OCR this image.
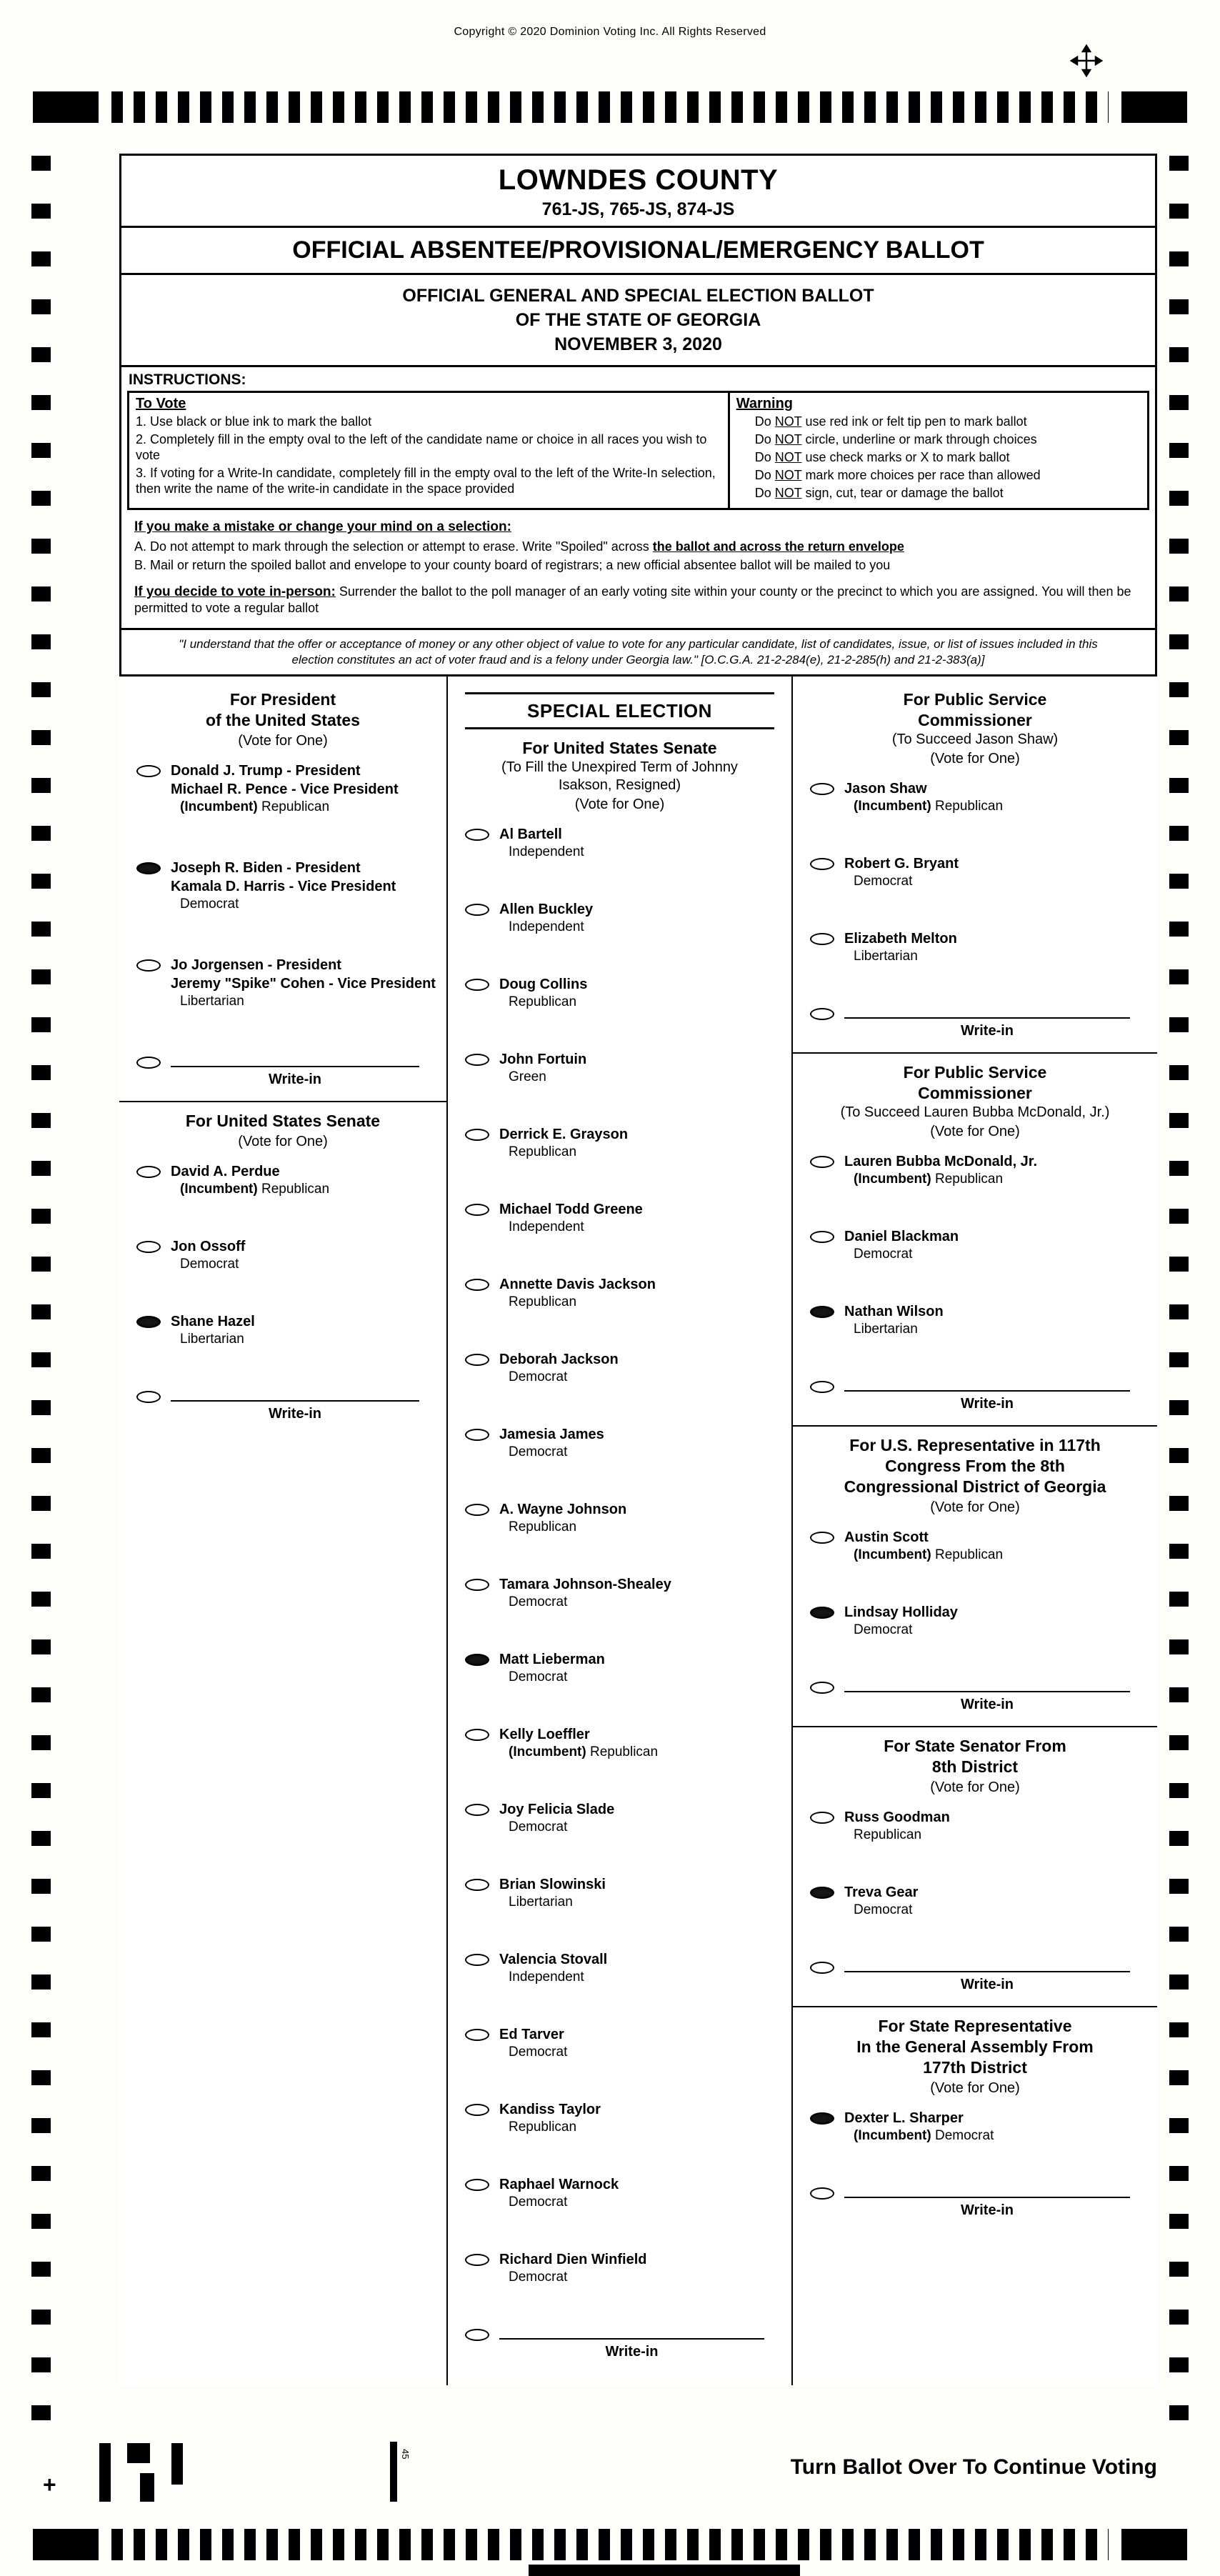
Copyright © 2020 Dominion Voting Inc. All Rights Reserved
LOWNDES COUNTY
761-JS, 765-JS, 874-JS
OFFICIAL ABSENTEE/PROVISIONAL/EMERGENCY BALLOT
OFFICIAL GENERAL AND SPECIAL ELECTION BALLOT
OF THE STATE OF GEORGIA
NOVEMBER 3, 2020
INSTRUCTIONS:
To Vote
1. Use black or blue ink to mark the ballot
2. Completely fill in the empty oval to the left of the candidate name or choice in all races you wish to vote
3. If voting for a Write-In candidate, completely fill in the empty oval to the left of the Write-In selection, then write the name of the write-in candidate in the space provided
Warning
Do NOT use red ink or felt tip pen to mark ballot
Do NOT circle, underline or mark through choices
Do NOT use check marks or X to mark ballot
Do NOT mark more choices per race than allowed
Do NOT sign, cut, tear or damage the ballot
If you make a mistake or change your mind on a selection:
A. Do not attempt to mark through the selection or attempt to erase. Write "Spoiled" across the ballot and across the return envelope
B. Mail or return the spoiled ballot and envelope to your county board of registrars; a new official absentee ballot will be mailed to you
If you decide to vote in-person: Surrender the ballot to the poll manager of an early voting site within your county or the precinct to which you are assigned. You will then be permitted to vote a regular ballot
"I understand that the offer or acceptance of money or any other object of value to vote for any particular candidate, list of candidates, issue, or list of issues included in this election constitutes an act of voter fraud and is a felony under Georgia law." [O.C.G.A. 21-2-284(e), 21-2-285(h) and 21-2-383(a)]
For President
of the United States
(Vote for One)
Donald J. Trump - President
Michael R. Pence - Vice President
(Incumbent) Republican
Joseph R. Biden - President
Kamala D. Harris - Vice President
Democrat
Jo Jorgensen - President
Jeremy "Spike" Cohen - Vice President
Libertarian
Write-in
For United States Senate
(Vote for One)
David A. Perdue
(Incumbent) Republican
Jon Ossoff
Democrat
Shane Hazel
Libertarian
Write-in
SPECIAL ELECTION
For United States Senate
(To Fill the Unexpired Term of Johnny
Isakson, Resigned)
(Vote for One)
Al Bartell
Independent
Allen Buckley
Independent
Doug Collins
Republican
John Fortuin
Green
Derrick E. Grayson
Republican
Michael Todd Greene
Independent
Annette Davis Jackson
Republican
Deborah Jackson
Democrat
Jamesia James
Democrat
A. Wayne Johnson
Republican
Tamara Johnson-Shealey
Democrat
Matt Lieberman
Democrat
Kelly Loeffler
(Incumbent) Republican
Joy Felicia Slade
Democrat
Brian Slowinski
Libertarian
Valencia Stovall
Independent
Ed Tarver
Democrat
Kandiss Taylor
Republican
Raphael Warnock
Democrat
Richard Dien Winfield
Democrat
Write-in
For Public Service
Commissioner
(To Succeed Jason Shaw)
(Vote for One)
Jason Shaw
(Incumbent) Republican
Robert G. Bryant
Democrat
Elizabeth Melton
Libertarian
Write-in
For Public Service
Commissioner
(To Succeed Lauren Bubba McDonald, Jr.)
(Vote for One)
Lauren Bubba McDonald, Jr.
(Incumbent) Republican
Daniel Blackman
Democrat
Nathan Wilson
Libertarian
Write-in
For U.S. Representative in 117th
Congress From the 8th
Congressional District of Georgia
(Vote for One)
Austin Scott
(Incumbent) Republican
Lindsay Holliday
Democrat
Write-in
For State Senator From
8th District
(Vote for One)
Russ Goodman
Republican
Treva Gear
Democrat
Write-in
For State Representative
In the General Assembly From
177th District
(Vote for One)
Dexter L. Sharper
(Incumbent) Democrat
Write-in
Turn Ballot Over To Continue Voting
+
45
